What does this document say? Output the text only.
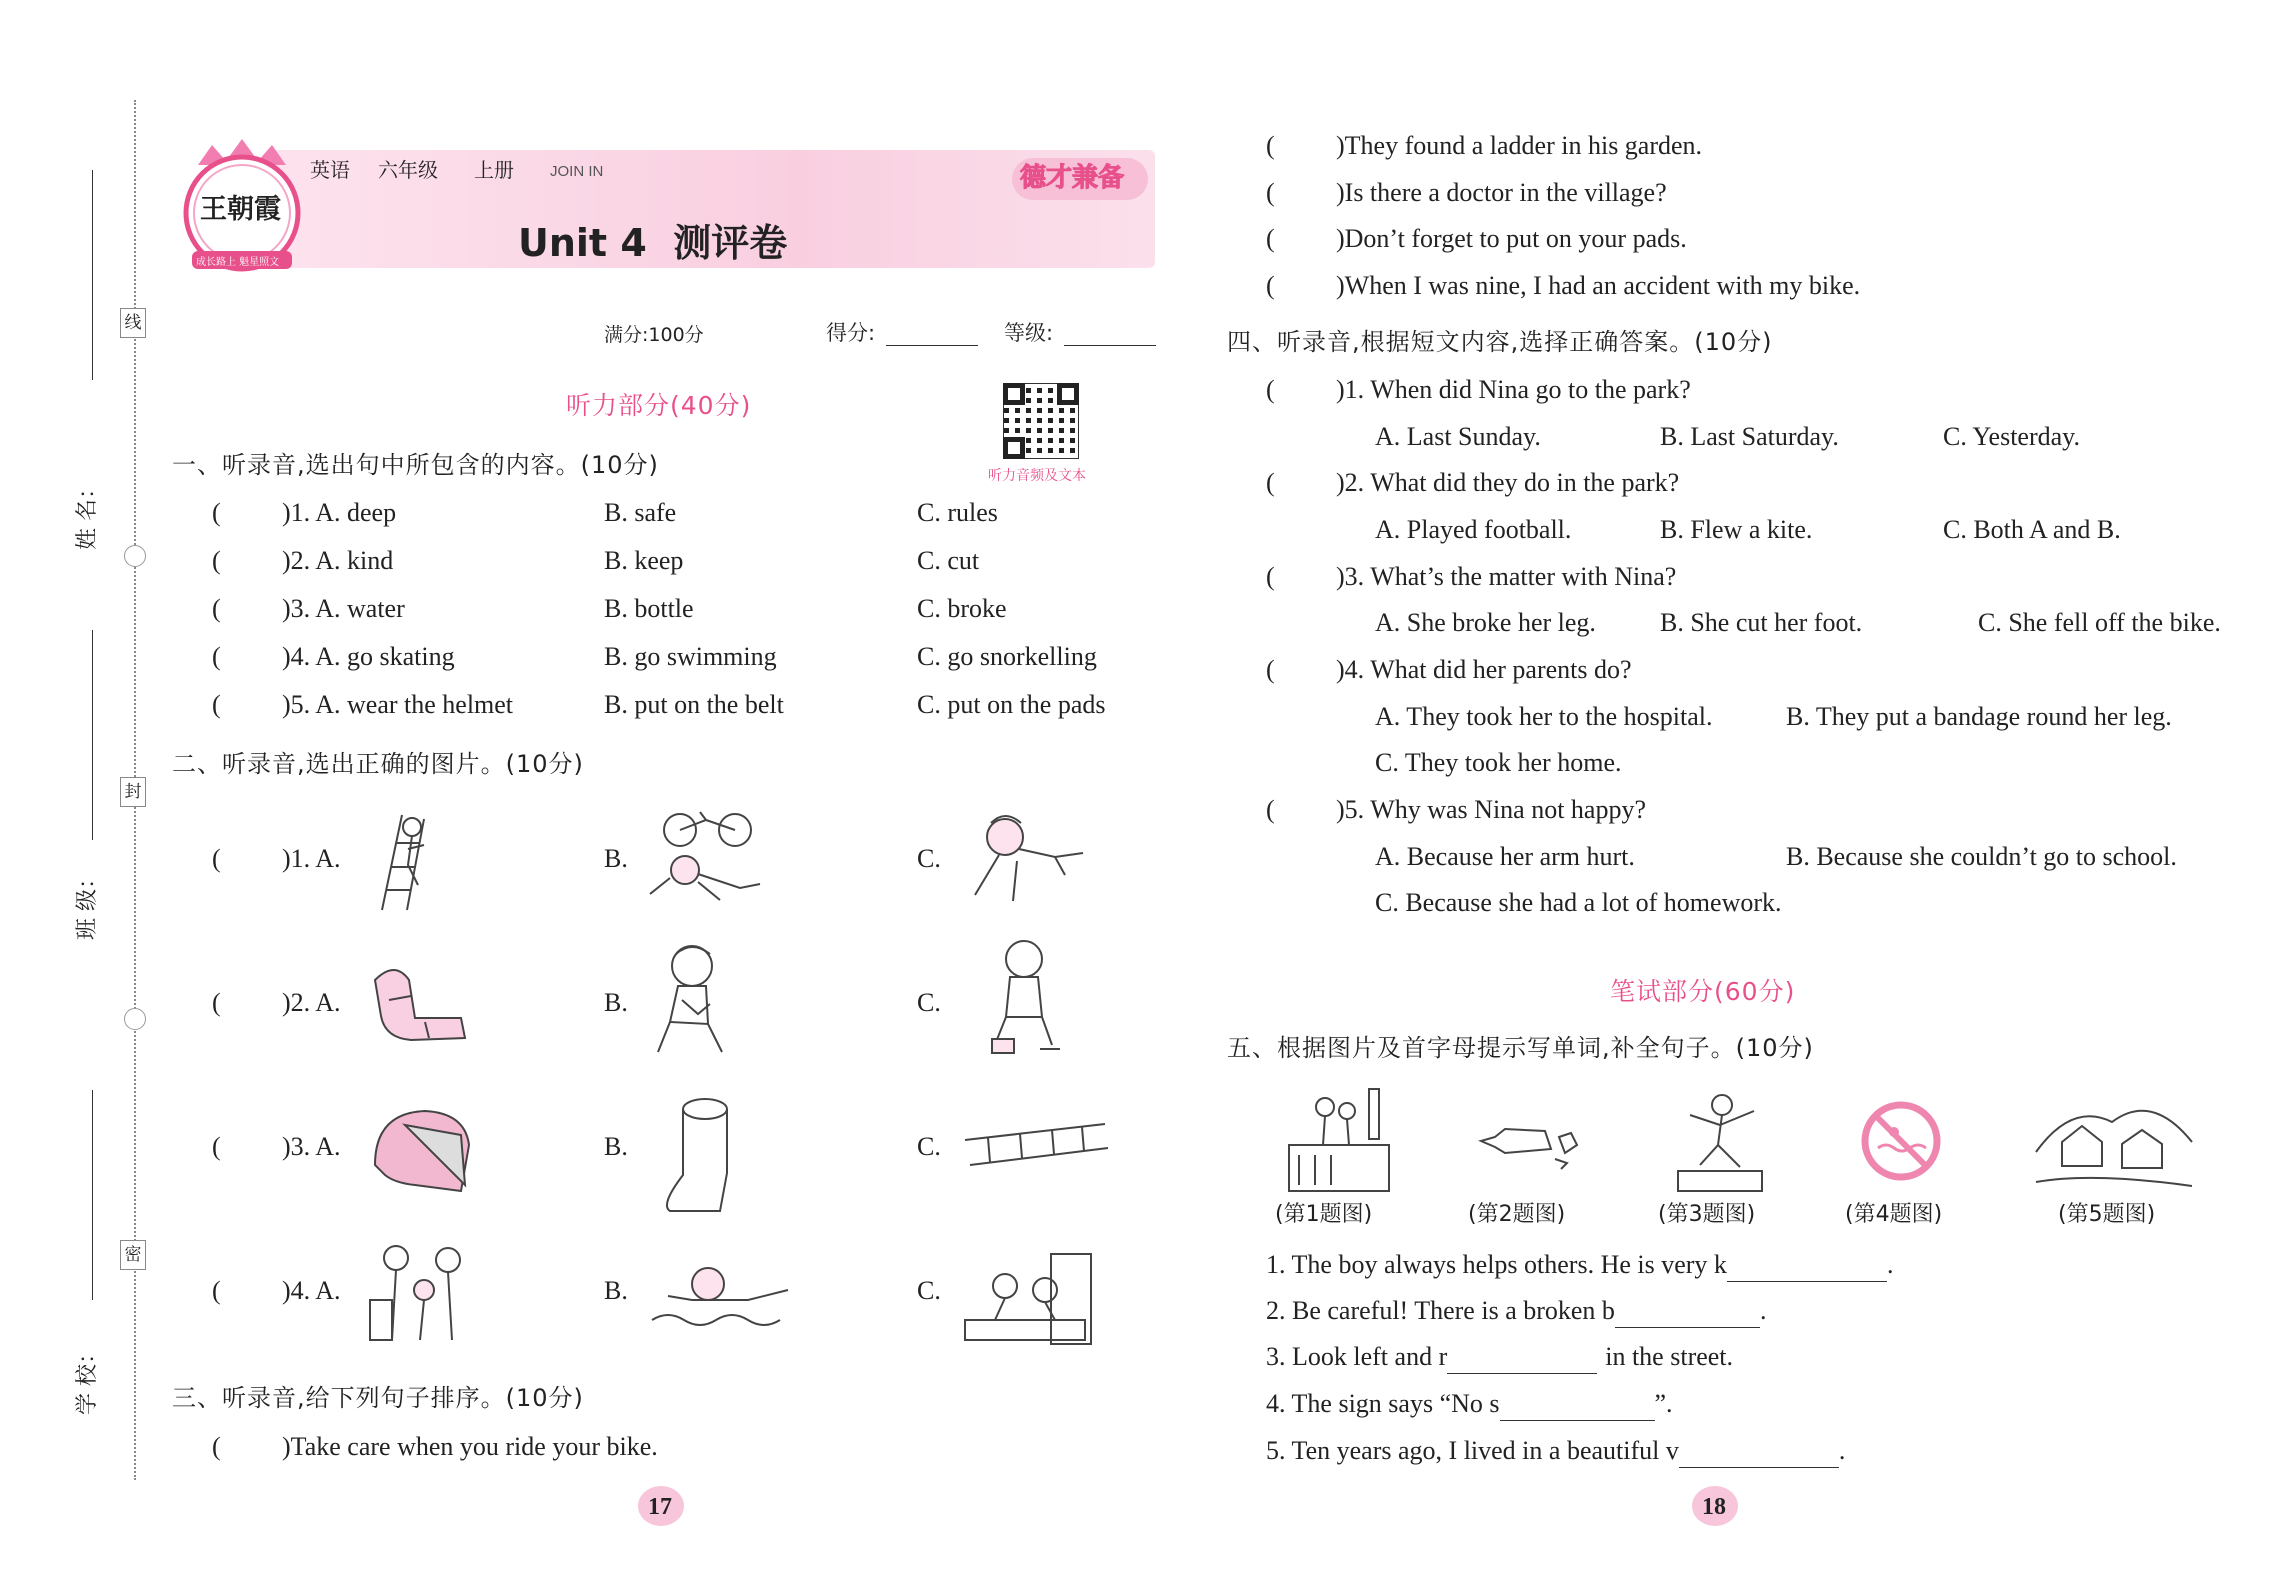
线
封
密
姓 名：
班 级：
学 校：
王朝霞
成长路上 魁星照文
英语 六年级 上册 JOIN IN	德才兼备
Unit 4  测评卷
满分:100分	得分:	等级:
听力音频及文本
听力部分(40分)
一、听录音,选出句中所包含的内容。(10分)
( )1. A. deep	B. safe	C. rules
( )2. A. kind	B. keep	C. cut
( )3. A. water	B. bottle	C. broke
( )4. A. go skating	B. go swimming	C. go snorkelling
( )5. A. wear the helmet	B. put on the belt	C. put on the pads
二、听录音,选出正确的图片。(10分)
( )1. A.	B.	C.
( )2. A.	B.	C.
( )3. A.	B.	C.
( )4. A.	B.	C.
三、听录音,给下列句子排序。(10分)
( )Take care when you ride your bike.
17
( )They found a ladder in his garden.
( )Is there a doctor in the village?
( )Don’t forget to put on your pads.
( )When I was nine, I had an accident with my bike.
四、听录音,根据短文内容,选择正确答案。(10分)
( )1. When did Nina go to the park?
A. Last Sunday.	B. Last Saturday.	C. Yesterday.
( )2. What did they do in the park?
A. Played football.	B. Flew a kite.	C. Both A and B.
( )3. What’s the matter with Nina?
A. She broke her leg. B. She cut her foot.	C. She fell off the bike.
( )4. What did her parents do?
A. They took her to the hospital.	B. They put a bandage round her leg.
C. They took her home.
( )5. Why was Nina not happy?
A. Because her arm hurt.	B. Because she couldn’t go to school.
C. Because she had a lot of homework.
笔试部分(60分)
五、根据图片及首字母提示写单词,补全句子。(10分)
(第1题图)	(第2题图)	(第3题图)	(第4题图)	(第5题图)
1. The boy always helps others. He is very k	.
2. Be careful! There is a broken b	.
3. Look left and r	in the street.
4. The sign says “No s	”.
5. Ten years ago, I lived in a beautiful v	.
18
